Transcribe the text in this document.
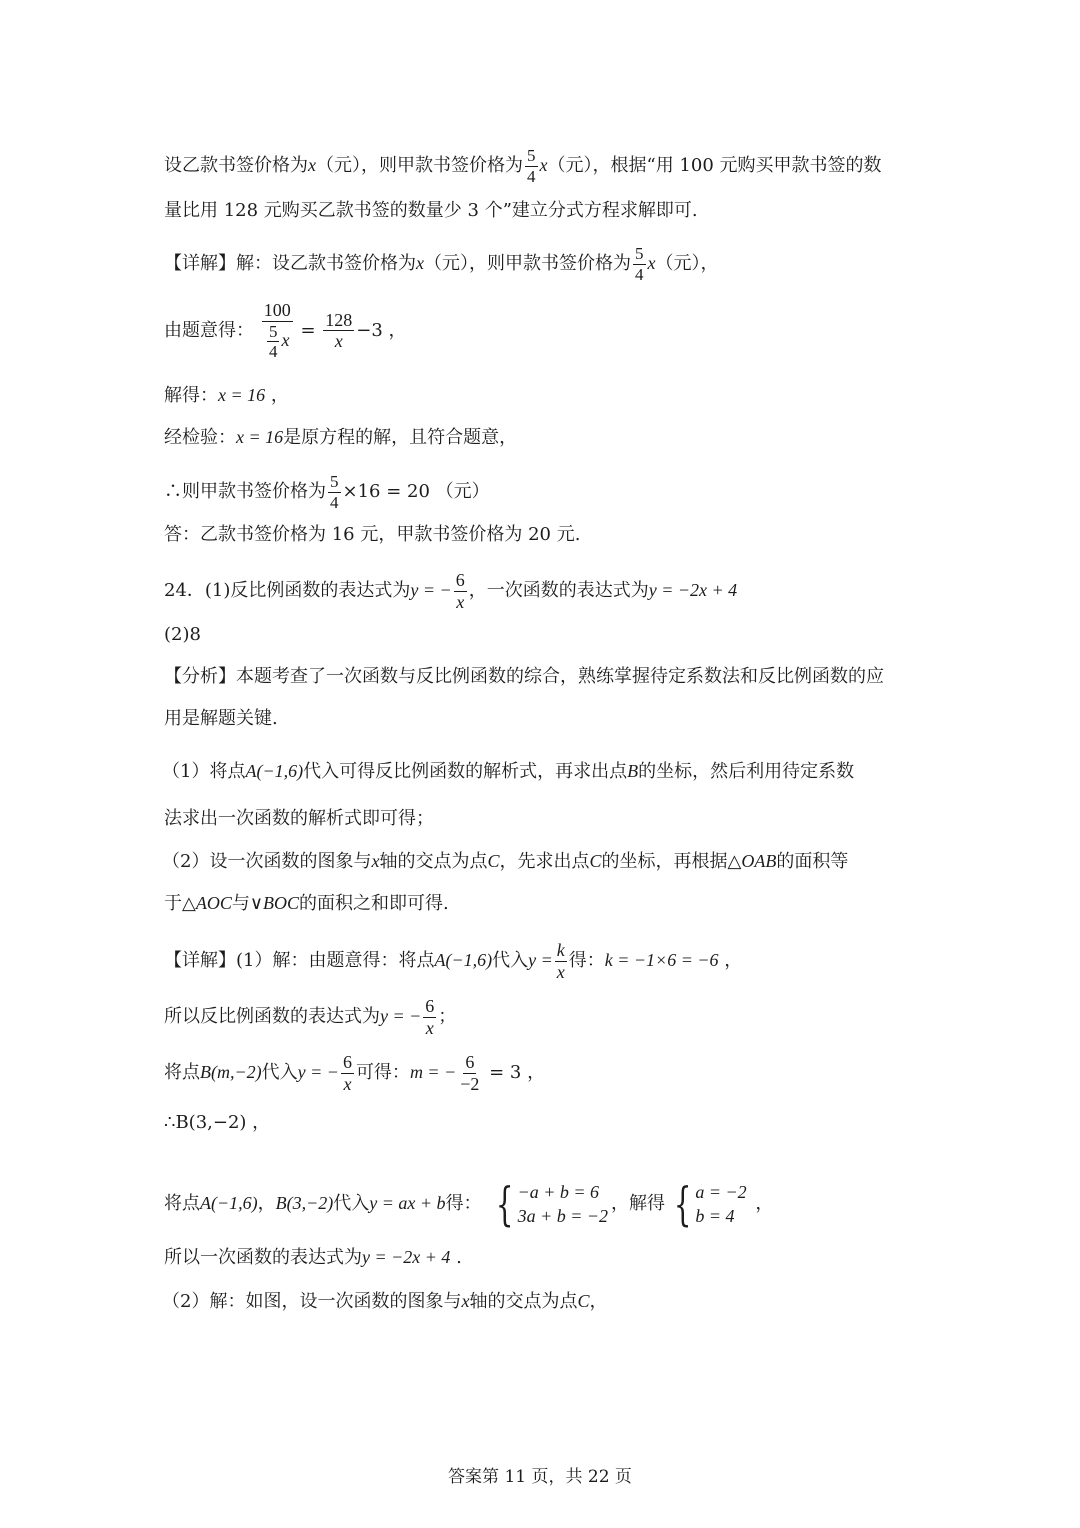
设乙款书签价格为x（元），则甲款书签价格为 $\frac{5}{4} x$（元），根据“用 100 元购买甲款书签的数
量比用 128 元购买乙款书签的数量少 3 个”建立分式方程求解即可.
【详解】解：设乙款书签价格为x（元），则甲款书签价格为 $\frac{5}{4} x$（元），
由题意得： $\frac{100}{\frac{5}{4} x} = \frac{128}{x} -3$ ，
解得：x = 16 ，
经检验：x = 16是原方程的解，且符合题意，
∴则甲款书签价格为 $\frac{5}{4} \times 16 = 20$ （元）
答：乙款书签价格为 16 元，甲款书签价格为 20 元.
24．(1)反比例函数的表达式为y = − $\frac{6}{x}$ ，一次函数的表达式为y = −2x + 4
(2)8
【分析】本题考查了一次函数与反比例函数的综合，熟练掌握待定系数法和反比例函数的应
用是解题关键.
（1）将点A(−1,6)代入可得反比例函数的解析式，再求出点B的坐标，然后利用待定系数
法求出一次函数的解析式即可得；
（2）设一次函数的图象与x轴的交点为点C，先求出点C的坐标，再根据△OAB的面积等
于△AOC与∨BOC的面积之和即可得.
【详解】(1）解：由题意得：将点A(−1,6)代入$y = \frac{k}{x}$ 得：k = −1×6 = −6 ，
所以反比例函数的表达式为y = − $\frac{6}{x}$ ；
将点B(m,−2)代入y = − $\frac{6}{x}$ 可得：m = − $\frac{6}{-2} = 3$ ，
∴B(3,−2) ，
将点A(−1,6)，B(3,−2)代入y = ax + b得： { −a + b = 6
3a + b = −2
，解得 { a = −2
b = 4
，
所以一次函数的表达式为y = −2x + 4 .
（2）解：如图，设一次函数的图象与x轴的交点为点C，
答案第 11 页，共 22 页
